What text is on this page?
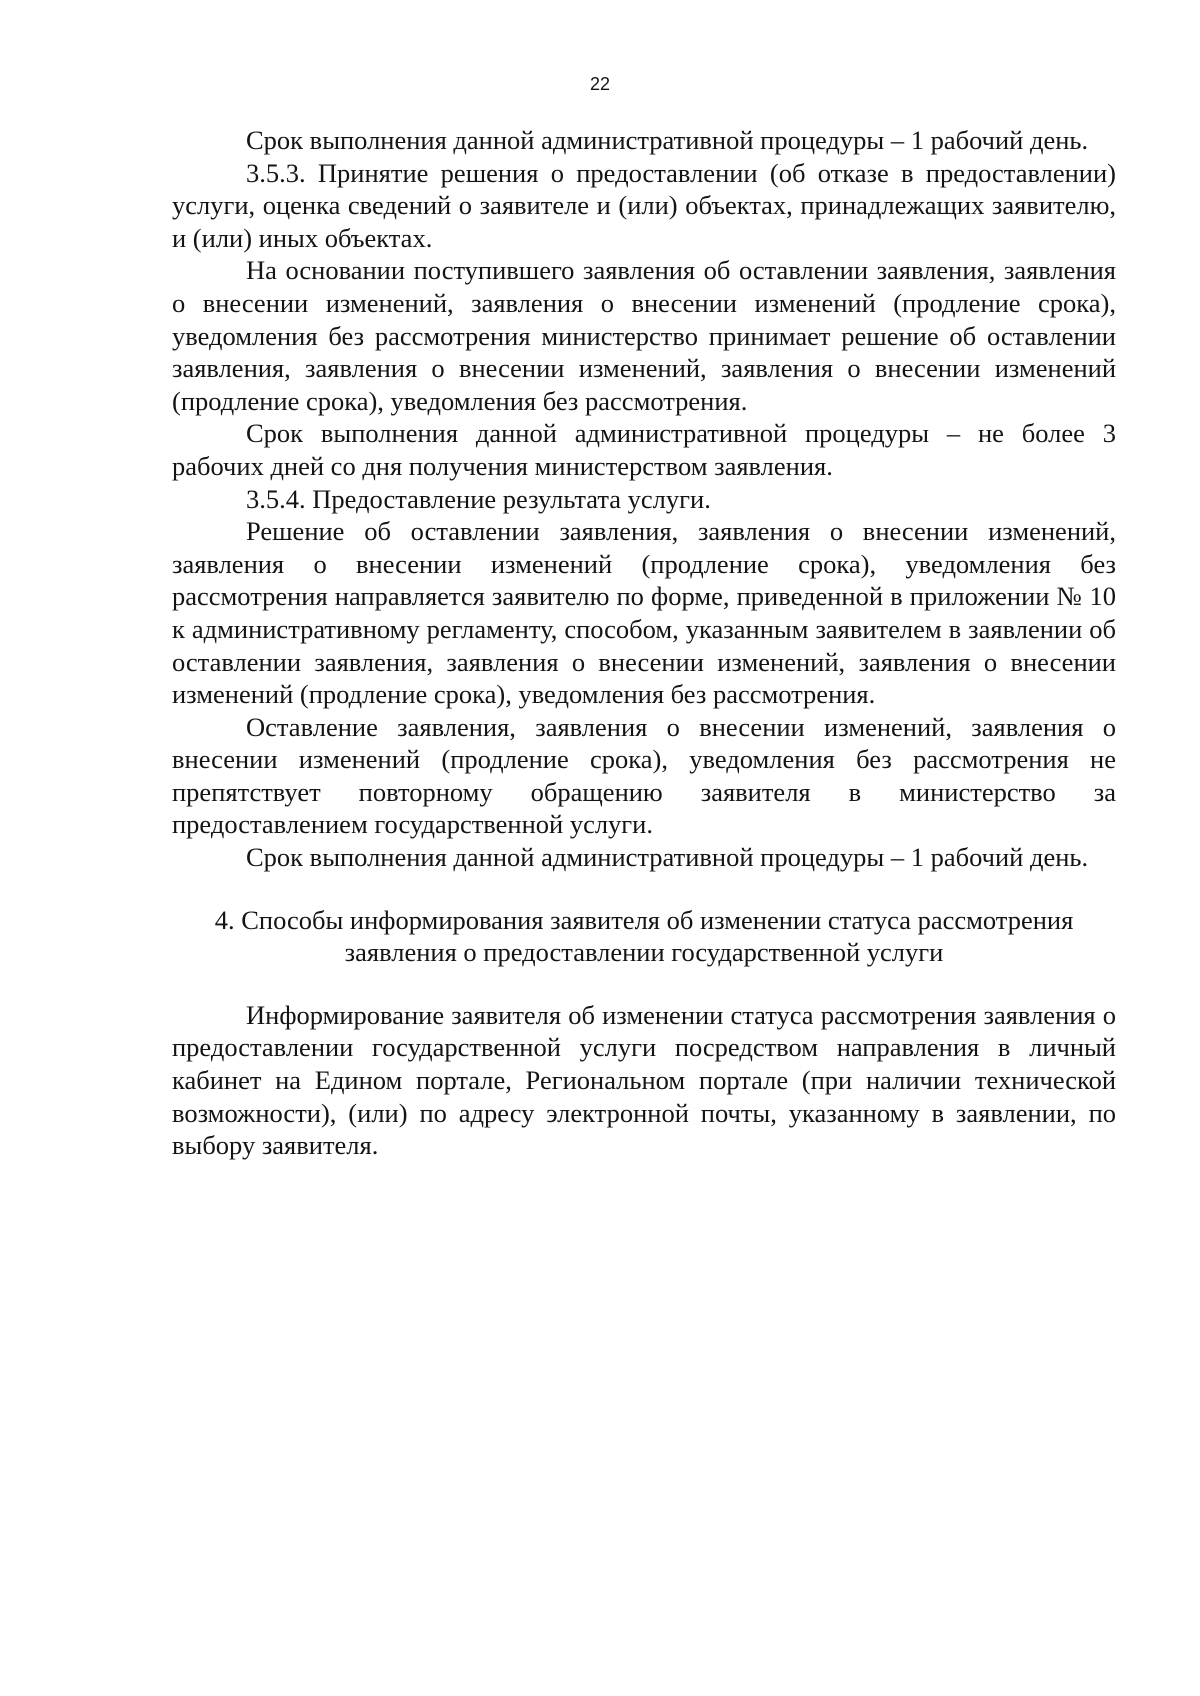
22

Срок выполнения данной административной процедуры – 1 рабочий день.

3.5.3. Принятие решения о предоставлении (об отказе в предоставлении) услуги, оценка сведений о заявителе и (или) объектах, принадлежащих заявителю, и (или) иных объектах.

На основании поступившего заявления об оставлении заявления, заявления о внесении изменений, заявления о внесении изменений (продление срока), уведомления без рассмотрения министерство принимает решение об оставлении заявления, заявления о внесении изменений, заявления о внесении изменений (продление срока), уведомления без рассмотрения.

Срок выполнения данной административной процедуры – не более 3 рабочих дней со дня получения министерством заявления.

3.5.4. Предоставление результата услуги.

Решение об оставлении заявления, заявления о внесении изменений, заявления о внесении изменений (продление срока), уведомления без рассмотрения направляется заявителю по форме, приведенной в приложении № 10 к административному регламенту, способом, указанным заявителем в заявлении об оставлении заявления, заявления о внесении изменений, заявления о внесении изменений (продление срока), уведомления без рассмотрения.

Оставление заявления, заявления о внесении изменений, заявления о внесении изменений (продление срока), уведомления без рассмотрения не препятствует повторному обращению заявителя в министерство за предоставлением государственной услуги.

Срок выполнения данной административной процедуры – 1 рабочий день.

4. Способы информирования заявителя об изменении статуса рассмотрения
заявления о предоставлении государственной услуги

Информирование заявителя об изменении статуса рассмотрения заявления о предоставлении государственной услуги посредством направления в личный кабинет на Едином портале, Региональном портале (при наличии технической возможности), (или) по адресу электронной почты, указанному в заявлении, по выбору заявителя.
